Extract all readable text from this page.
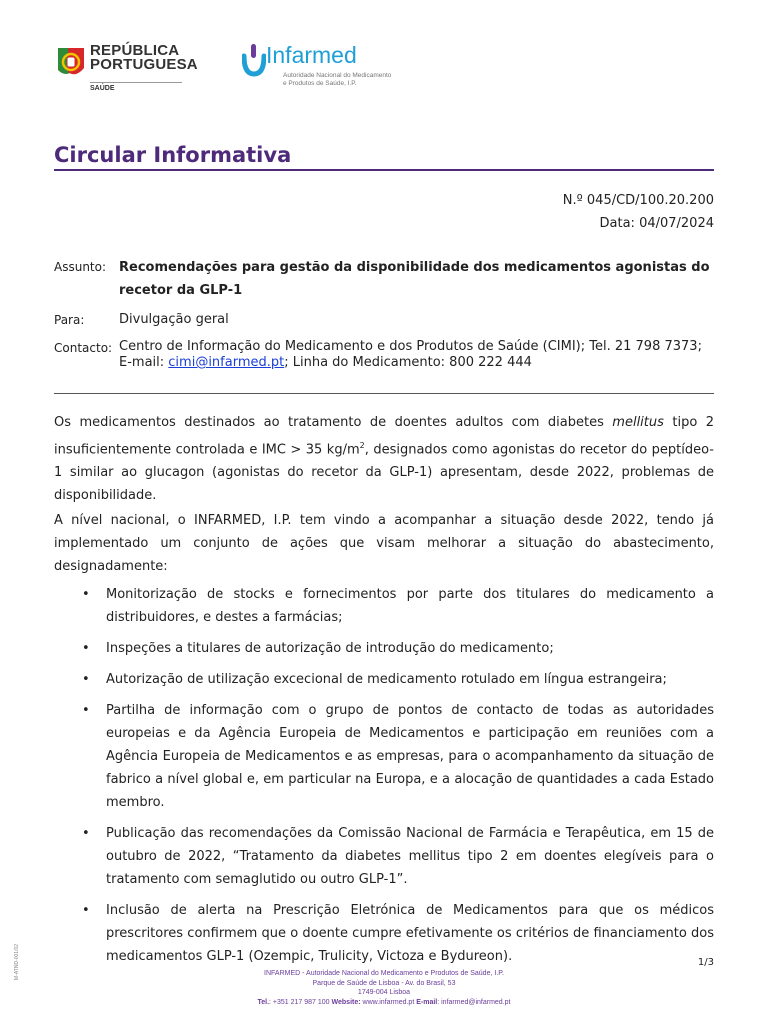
REPÚBLICA
PORTUGUESA
SAÚDE
Infarmed
Autoridade Nacional do Medicamento
e Produtos de Saúde, I.P.
Circular Informativa
N.º 045/CD/100.20.200
Data: 04/07/2024
Assunto: Recomendações para gestão da disponibilidade dos medicamentos agonistas do
recetor da GLP-1
Para:	Divulgação geral
Contacto: Centro de Informação do Medicamento e dos Produtos de Saúde (CIMI); Tel. 21 798 7373;
E-mail: cimi@infarmed.pt; Linha do Medicamento: 800 222 444
Os medicamentos destinados ao tratamento de doentes adultos com diabetes mellitus tipo 2 insuficientemente controlada e IMC > 35 $kg/m^2$, designados como agonistas do recetor do peptídeo-1 similar ao glucagon (agonistas do recetor da GLP-1) apresentam, desde 2022, problemas de disponibilidade.
A nível nacional, o INFARMED, I.P. tem vindo a acompanhar a situação desde 2022, tendo já implementado um conjunto de ações que visam melhorar a situação do abastecimento, designadamente:
• Monitorização de stocks e fornecimentos por parte dos titulares do medicamento a distribuidores, e destes a farmácias;
• Inspeções a titulares de autorização de introdução do medicamento;
• Autorização de utilização excecional de medicamento rotulado em língua estrangeira;
• Partilha de informação com o grupo de pontos de contacto de todas as autoridades europeias e da Agência Europeia de Medicamentos e participação em reuniões com a Agência Europeia de Medicamentos e as empresas, para o acompanhamento da situação de fabrico a nível global e, em particular na Europa, e a alocação de quantidades a cada Estado membro.
• Publicação das recomendações da Comissão Nacional de Farmácia e Terapêutica, em 15 de outubro de 2022, “Tratamento da diabetes mellitus tipo 2 em doentes elegíveis para o tratamento com semaglutido ou outro GLP-1”.
• Inclusão de alerta na Prescrição Eletrónica de Medicamentos para que os médicos prescritores confirmem que o doente cumpre efetivamente os critérios de financiamento dos medicamentos GLP-1 (Ozempic, Trulicity, Victoza e Bydureon).	1/3
INFARMED - Autoridade Nacional do Medicamento e Produtos de Saúde, I.P.
Parque de Saúde de Lisboa - Av. do Brasil, 53
1749-004 Lisboa
Tel.: +351 217 987 100 Website: www.infarmed.pt E-mail: infarmed@infarmed.pt
M-ATND-001/02
